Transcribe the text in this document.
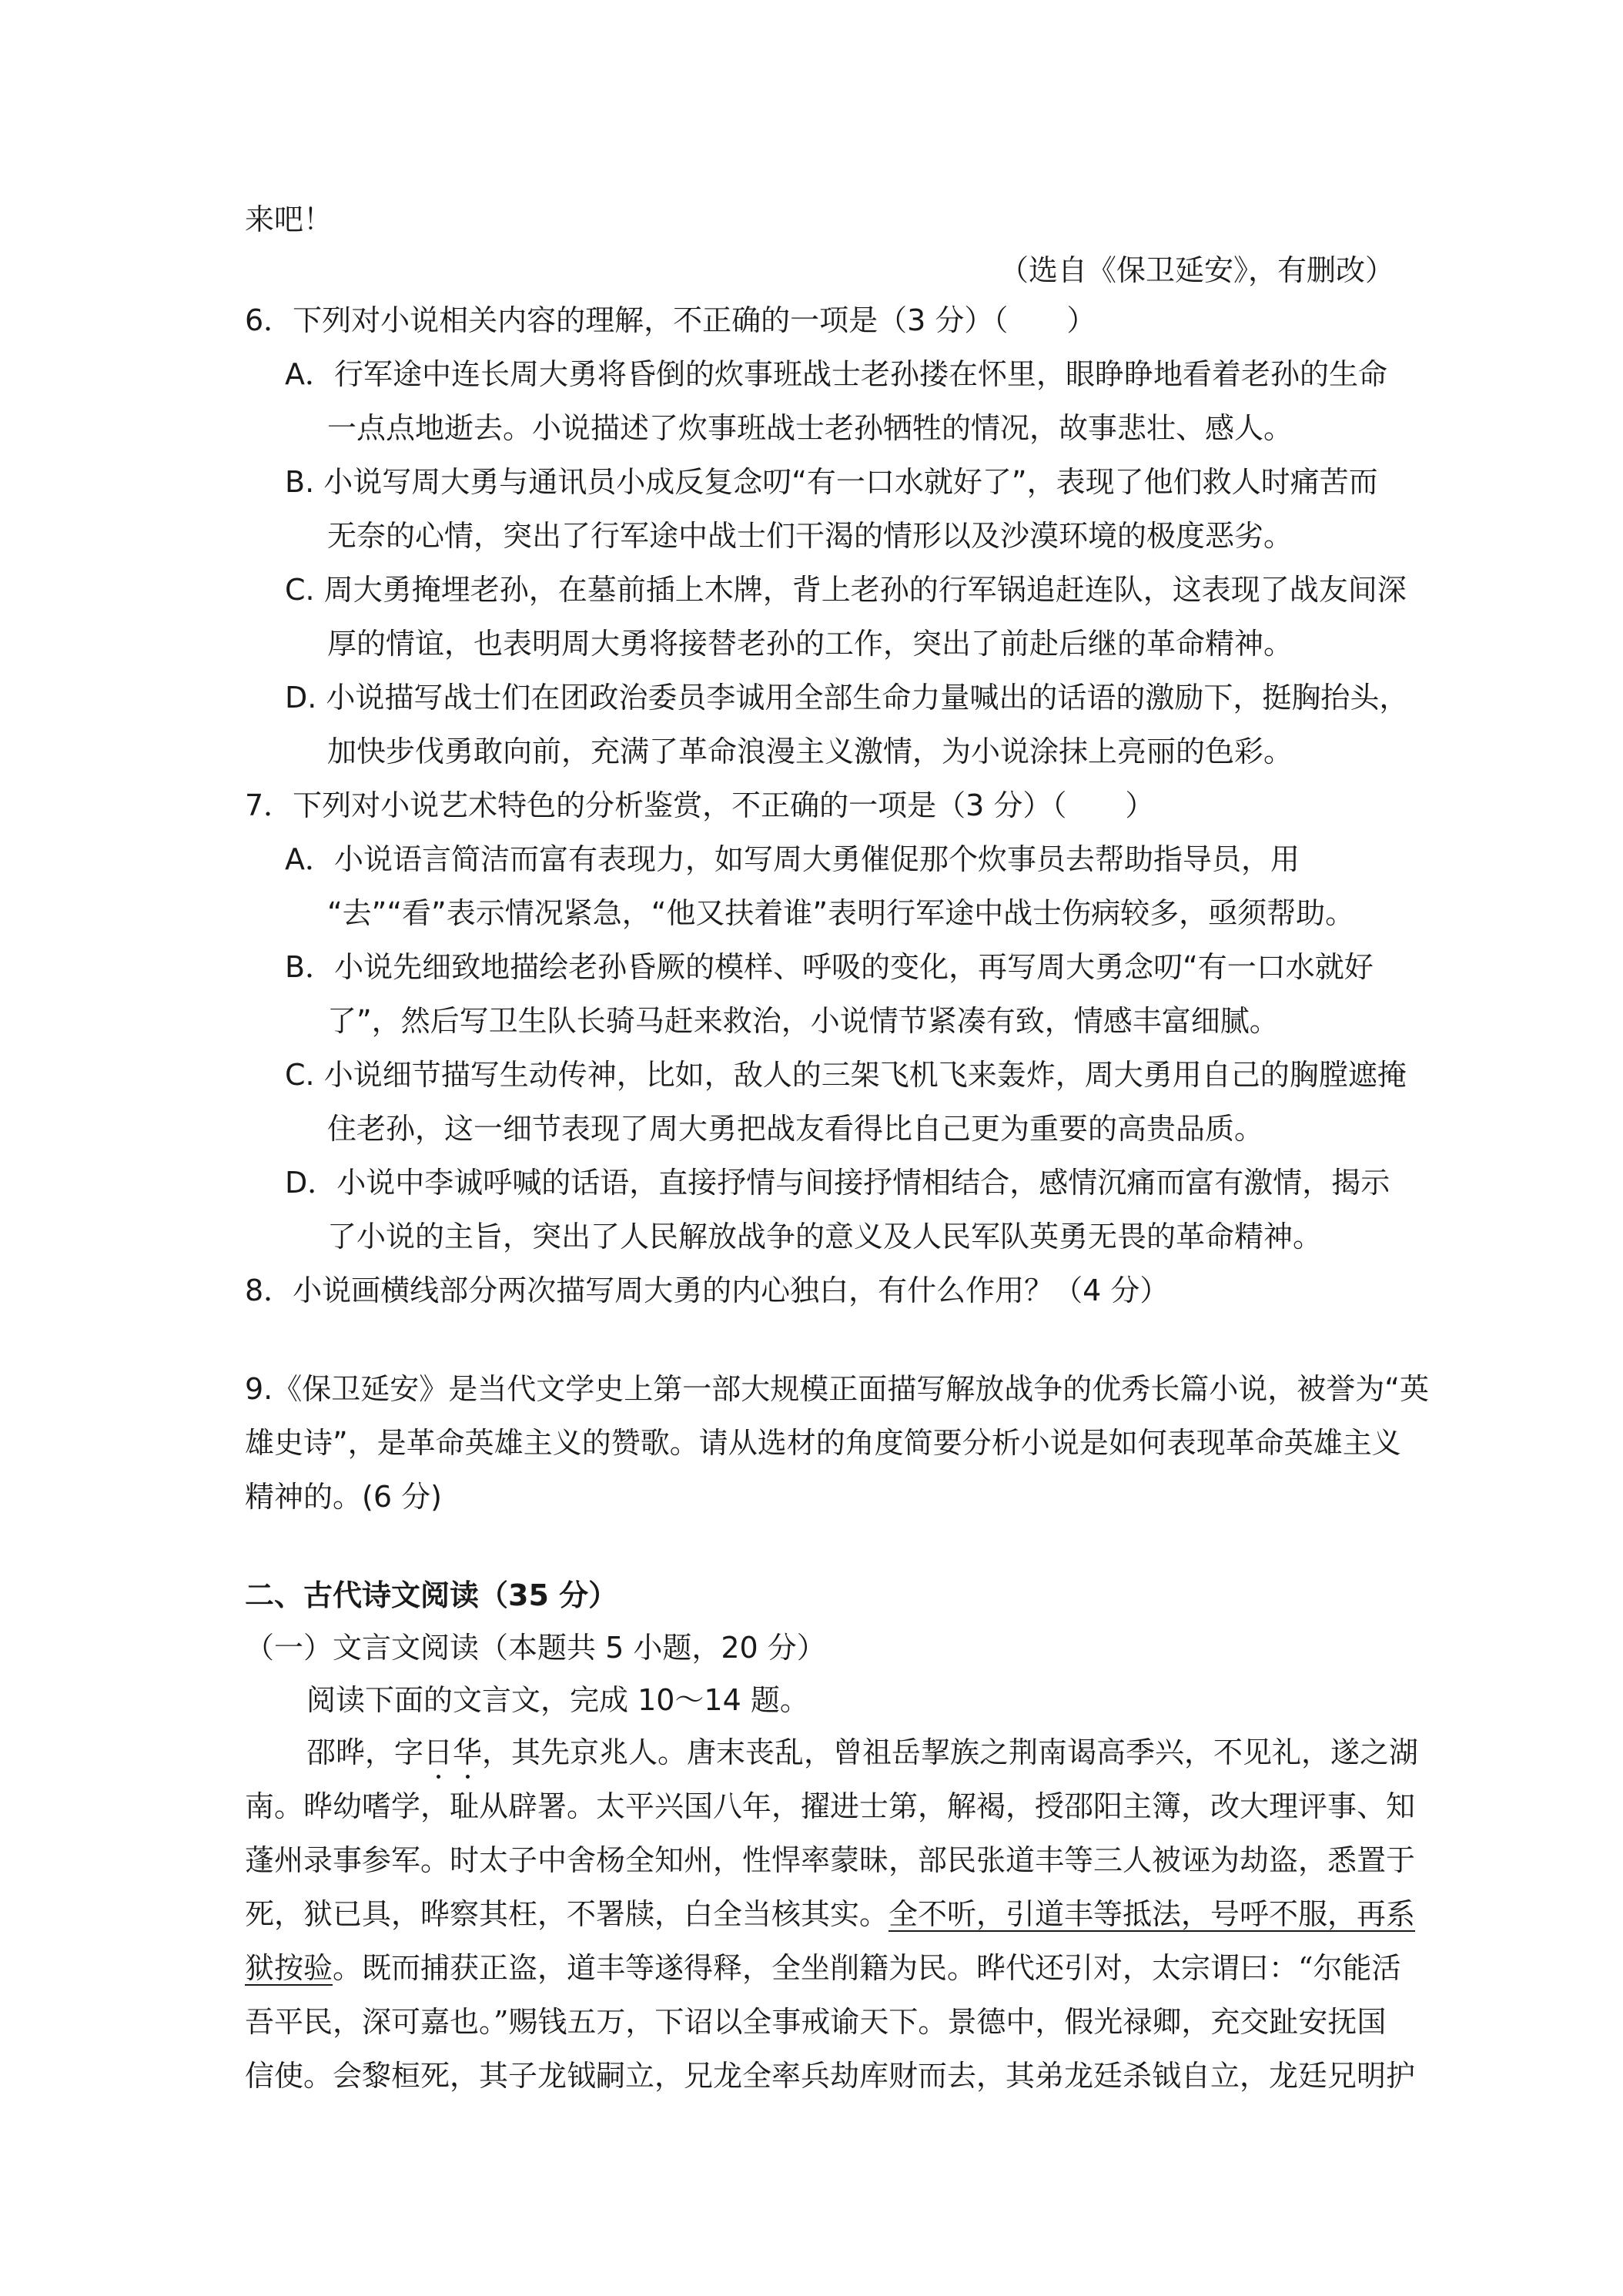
来吧！
（选自《保卫延安》，有删改）
6．下列对小说相关内容的理解，不正确的一项是（3 分）（　　）
A．行军途中连长周大勇将昏倒的炊事班战士老孙搂在怀里，眼睁睁地看着老孙的生命
一点点地逝去。小说描述了炊事班战士老孙牺牲的情况，故事悲壮、感人。
B. 小说写周大勇与通讯员小成反复念叨“有一口水就好了”，表现了他们救人时痛苦而
无奈的心情，突出了行军途中战士们干渴的情形以及沙漠环境的极度恶劣。
C. 周大勇掩埋老孙，在墓前插上木牌，背上老孙的行军锅追赶连队，这表现了战友间深
厚的情谊，也表明周大勇将接替老孙的工作，突出了前赴后继的革命精神。
D. 小说描写战士们在团政治委员李诚用全部生命力量喊出的话语的激励下，挺胸抬头，
加快步伐勇敢向前，充满了革命浪漫主义激情，为小说涂抹上亮丽的色彩。
7．下列对小说艺术特色的分析鉴赏，不正确的一项是（3 分）（　　）
A．小说语言简洁而富有表现力，如写周大勇催促那个炊事员去帮助指导员，用
“去”“看”表示情况紧急，“他又扶着谁”表明行军途中战士伤病较多，亟须帮助。
B．小说先细致地描绘老孙昏厥的模样、呼吸的变化，再写周大勇念叨“有一口水就好
了”，然后写卫生队长骑马赶来救治，小说情节紧凑有致，情感丰富细腻。
C. 小说细节描写生动传神，比如，敌人的三架飞机飞来轰炸，周大勇用自己的胸膛遮掩
住老孙，这一细节表现了周大勇把战友看得比自己更为重要的高贵品质。
D．小说中李诚呼喊的话语，直接抒情与间接抒情相结合，感情沉痛而富有激情，揭示
了小说的主旨，突出了人民解放战争的意义及人民军队英勇无畏的革命精神。
8．小说画横线部分两次描写周大勇的内心独白，有什么作用？（4 分）
9.《保卫延安》是当代文学史上第一部大规模正面描写解放战争的优秀长篇小说，被誉为“英
雄史诗”，是革命英雄主义的赞歌。请从选材的角度简要分析小说是如何表现革命英雄主义
精神的。(6 分)
二、古代诗文阅读（35 分）
（一）文言文阅读（本题共 5 小题，20 分）
阅读下面的文言文，完成 10～14 题。
邵晔，字日华，其先京兆人。唐末丧乱，曾祖岳挈族之荆南谒高季兴，不见礼，遂之湖
南。晔幼嗜学，耻从辟署。太平兴国八年，擢进士第，解褐，授邵阳主簿，改大理评事、知
蓬州录事参军。时太子中舍杨全知州，性悍率蒙昧，部民张道丰等三人被诬为劫盗，悉置于
死，狱已具，晔察其枉，不署牍，白全当核其实。全不听，引道丰等抵法，号呼不服，再系
狱按验。既而捕获正盗，道丰等遂得释，全坐削籍为民。晔代还引对，太宗谓曰：“尔能活
吾平民，深可嘉也。”赐钱五万，下诏以全事戒谕天下。景德中，假光禄卿，充交趾安抚国
信使。会黎桓死，其子龙钺嗣立，兄龙全率兵劫库财而去，其弟龙廷杀钺自立，龙廷兄明护
